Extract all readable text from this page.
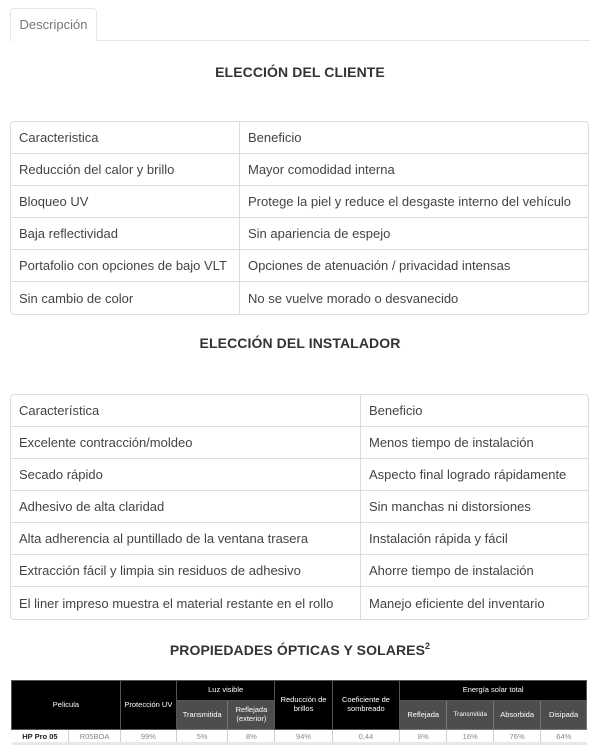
Descripción
ELECCIÓN DEL CLIENTE
Caracteristica	Beneficio
Reducción del calor y brillo	Mayor comodidad interna
Bloqueo UV	Protege la piel y reduce el desgaste interno del vehículo
Baja reflectividad	Sin apariencia de espejo
Portafolio con opciones de bajo VLT	Opciones de atenuación / privacidad intensas
Sin cambio de color	No se vuelve morado o desvanecido
ELECCIÓN DEL INSTALADOR
Característica	Beneficio
Excelente contracción/moldeo	Menos tiempo de instalación
Secado rápido	Aspecto final logrado rápidamente
Adhesivo de alta claridad	Sin manchas ni distorsiones
Alta adherencia al puntillado de la ventana trasera	Instalación rápida y fácil
Extracción fácil y limpia sin residuos de adhesivo	Ahorre tiempo de instalación
El liner impreso muestra el material restante en el rollo	Manejo eficiente del inventario
PROPIEDADES ÓPTICAS Y SOLARES$^2$
Pelicula		Protección UV	Luz visible		Reducción de brillos	Coeficiente de sombreado	Energía solar total			
			Transmitida	Reflejada (exterior)			Reflejada	Transmitida	Absorbida	Disipada
HP Pro 05	R05BOA	99%	5%	8%	94%	0,44	8%	16%	76%	64%
